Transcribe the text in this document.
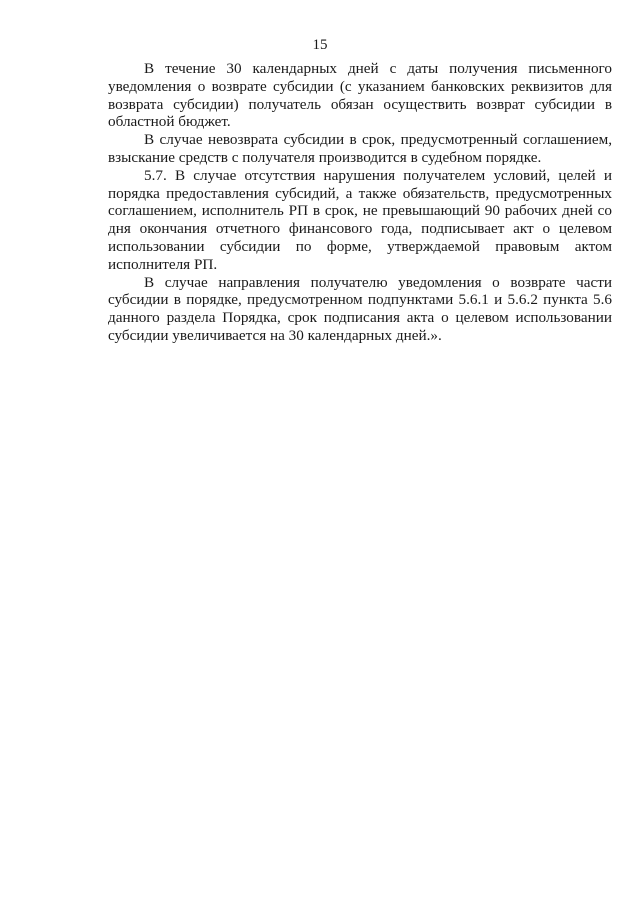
15

В течение 30 календарных дней с даты получения письменного уведомления о возврате субсидии (с указанием банковских реквизитов для возврата субсидии) получатель обязан осуществить возврат субсидии в областной бюджет.

В случае невозврата субсидии в срок, предусмотренный соглашением, взыскание средств с получателя производится в судебном порядке.

5.7. В случае отсутствия нарушения получателем условий, целей и порядка предоставления субсидий, а также обязательств, предусмотренных соглашением, исполнитель РП в срок, не превышающий 90 рабочих дней со дня окончания отчетного финансового года, подписывает акт о целевом использовании субсидии по форме, утверждаемой правовым актом исполнителя РП.

В случае направления получателю уведомления о возврате части субсидии в порядке, предусмотренном подпунктами 5.6.1 и 5.6.2 пункта 5.6 данного раздела Порядка, срок подписания акта о целевом использовании субсидии увеличивается на 30 календарных дней.».
